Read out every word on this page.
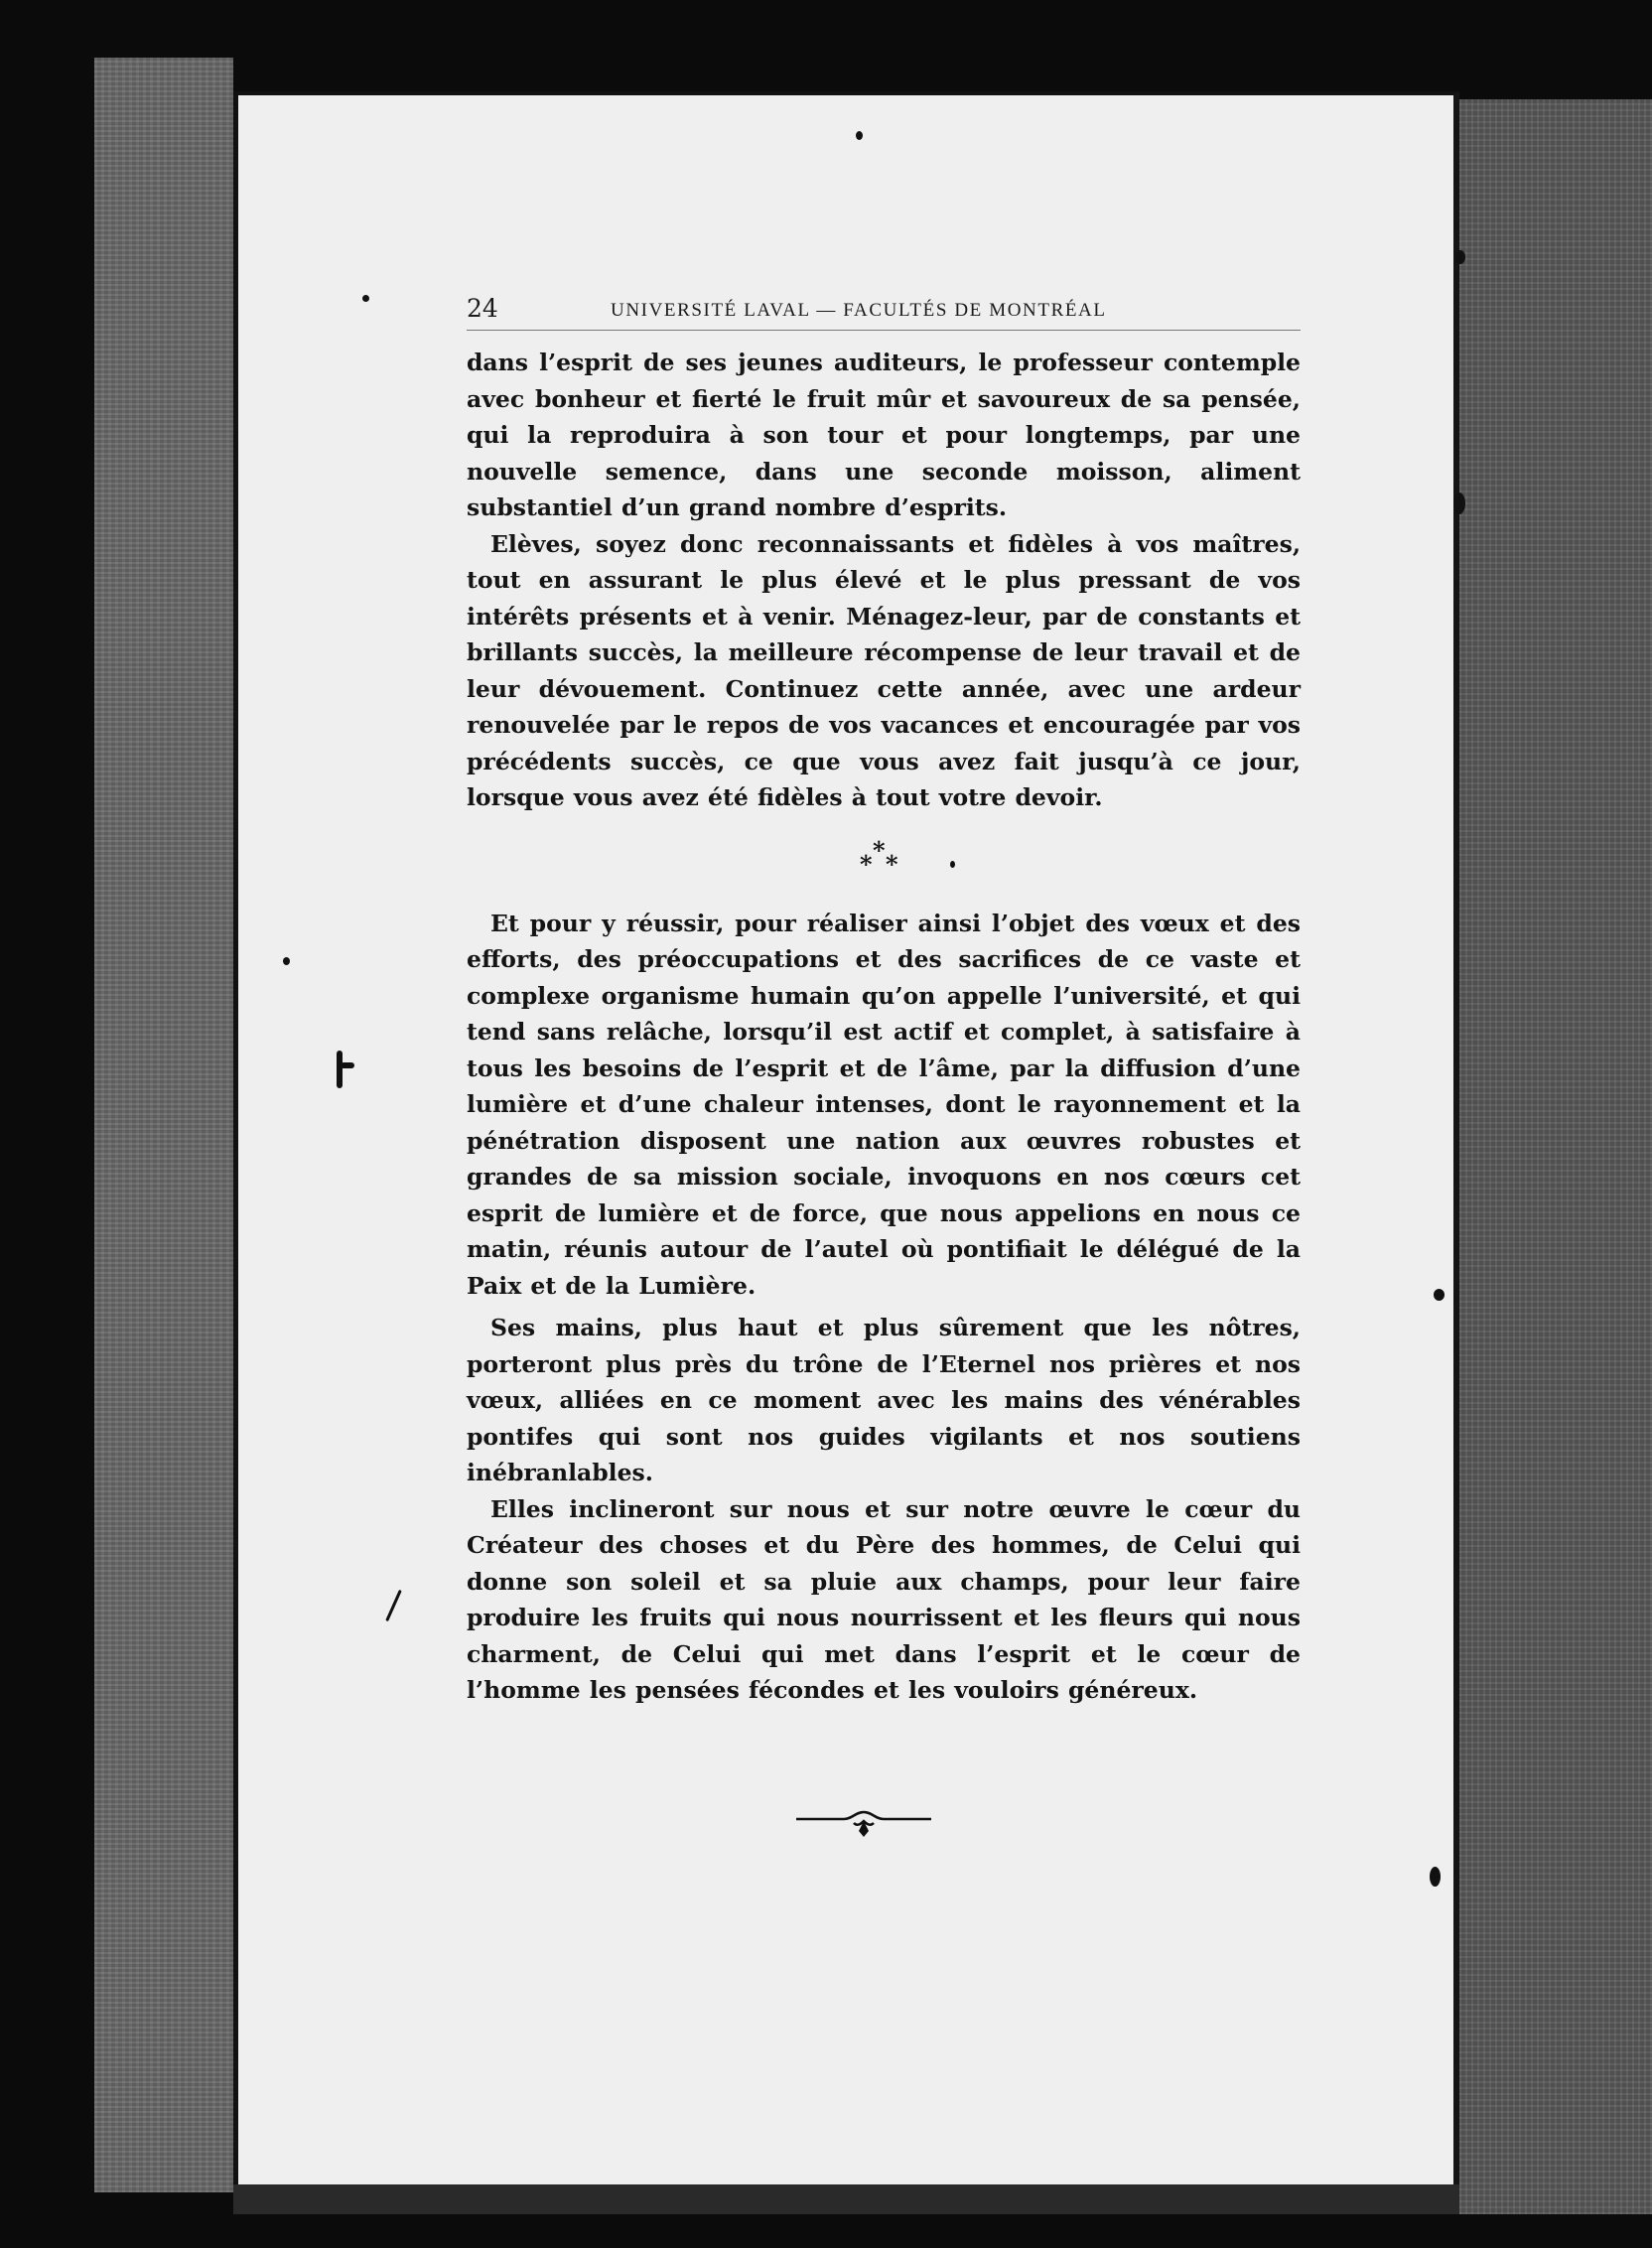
24	UNIVERSITÉ LAVAL — FACULTÉS DE MONTRÉAL

dans l’esprit de ses jeunes auditeurs, le professeur contemple avec bonheur et fierté le fruit mûr et savoureux de sa pensée, qui la reproduira à son tour et pour longtemps, par une nouvelle semence, dans une seconde moisson, aliment substantiel d’un grand nombre d’esprits.

Elèves, soyez donc reconnaissants et fidèles à vos maîtres, tout en assurant le plus élevé et le plus pressant de vos intérêts présents et à venir. Ménagez-leur, par de constants et brillants succès, la meilleure récompense de leur travail et de leur dévouement. Continuez cette année, avec une ardeur renouvelée par le repos de vos vacances et encouragée par vos précédents succès, ce que vous avez fait jusqu’à ce jour, lorsque vous avez été fidèles à tout votre devoir.

*
* *

Et pour y réussir, pour réaliser ainsi l’objet des vœux et des efforts, des préoccupations et des sacrifices de ce vaste et complexe organisme humain qu’on appelle l’université, et qui tend sans relâche, lorsqu’il est actif et complet, à satisfaire à tous les besoins de l’esprit et de l’âme, par la diffusion d’une lumière et d’une chaleur intenses, dont le rayonnement et la pénétration disposent une nation aux œuvres robustes et grandes de sa mission sociale, invoquons en nos cœurs cet esprit de lumière et de force, que nous appelions en nous ce matin, réunis autour de l’autel où pontifiait le délégué de la Paix et de la Lumière.

Ses mains, plus haut et plus sûrement que les nôtres, porteront plus près du trône de l’Eternel nos prières et nos vœux, alliées en ce moment avec les mains des vénérables pontifes qui sont nos guides vigilants et nos soutiens inébranlables.

Elles inclineront sur nous et sur notre œuvre le cœur du Créateur des choses et du Père des hommes, de Celui qui donne son soleil et sa pluie aux champs, pour leur faire produire les fruits qui nous nourrissent et les fleurs qui nous charment, de Celui qui met dans l’esprit et le cœur de l’homme les pensées fécondes et les vouloirs généreux.
